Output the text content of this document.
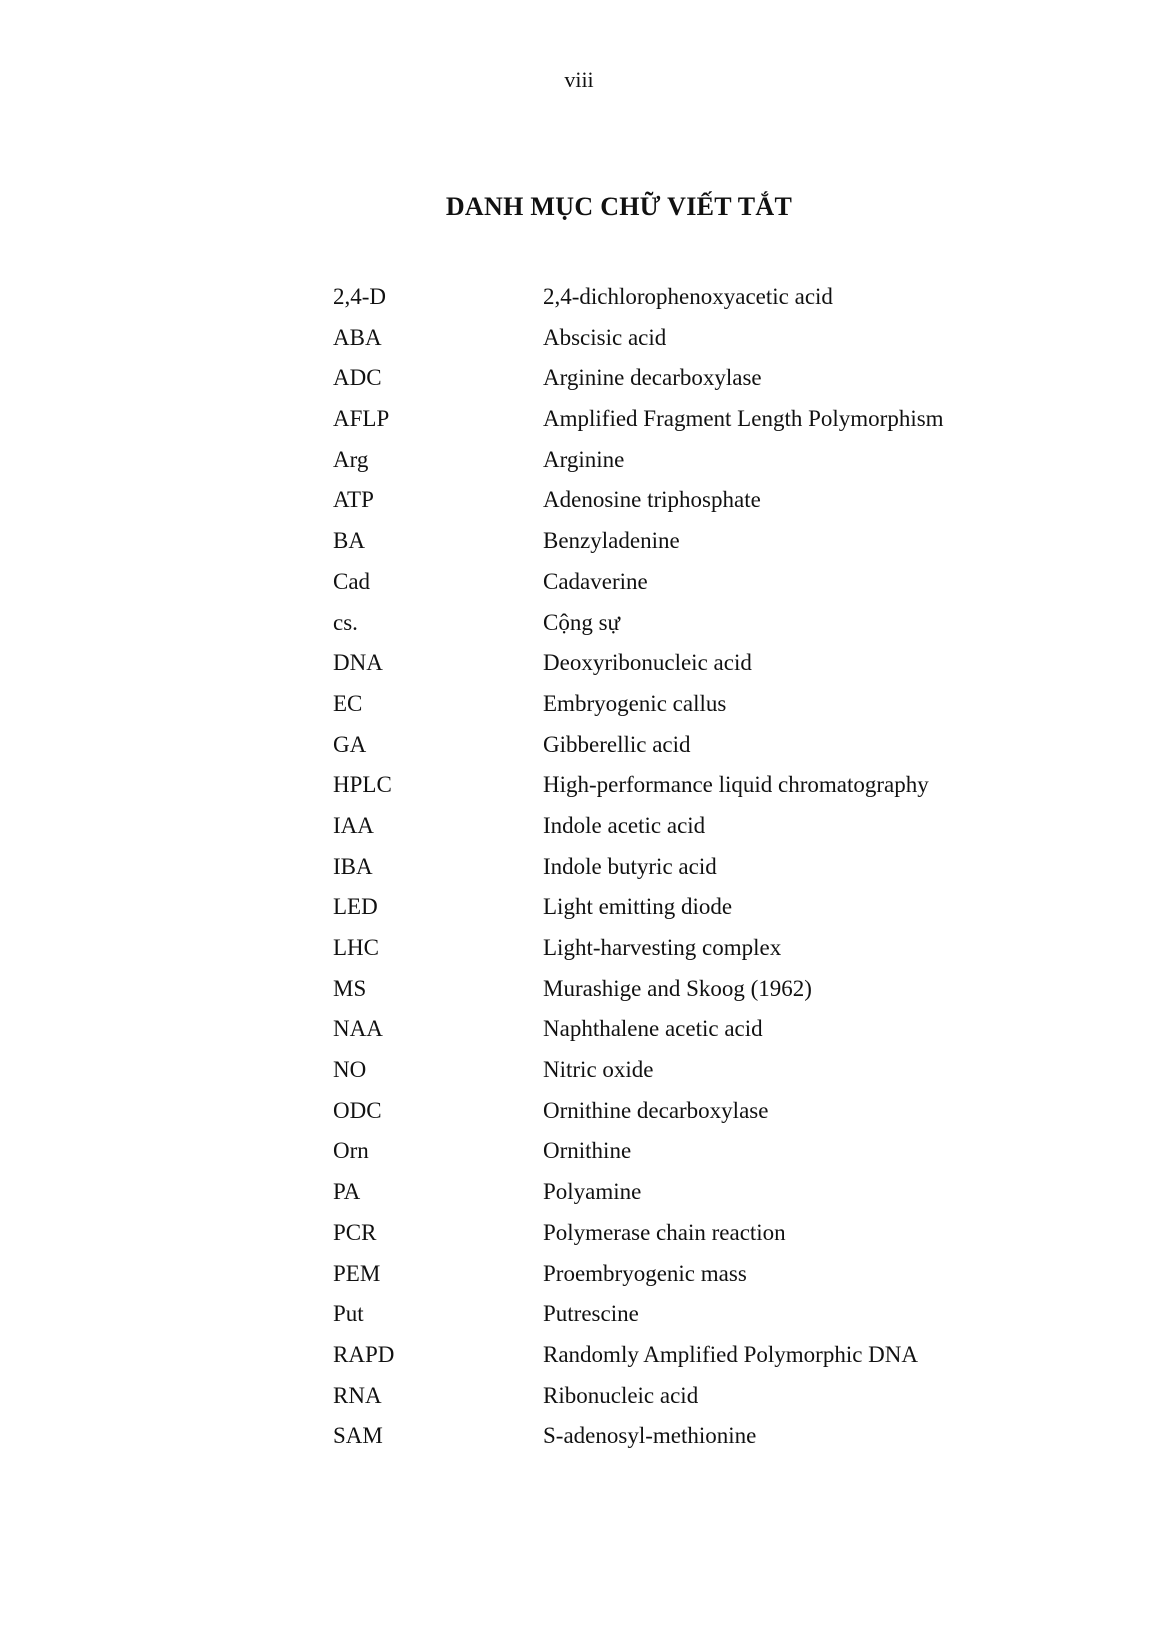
viii
DANH MỤC CHỮ VIẾT TẮT
2,4-D	2,4-dichlorophenoxyacetic acid
ABA	Abscisic acid
ADC	Arginine decarboxylase
AFLP	Amplified Fragment Length Polymorphism
Arg	Arginine
ATP	Adenosine triphosphate
BA	Benzyladenine
Cad	Cadaverine
cs.	Cộng sự
DNA	Deoxyribonucleic acid
EC	Embryogenic callus
GA	Gibberellic acid
HPLC	High-performance liquid chromatography
IAA	Indole acetic acid
IBA	Indole butyric acid
LED	Light emitting diode
LHC	Light-harvesting complex
MS	Murashige and Skoog (1962)
NAA	Naphthalene acetic acid
NO	Nitric oxide
ODC	Ornithine decarboxylase
Orn	Ornithine
PA	Polyamine
PCR	Polymerase chain reaction
PEM	Proembryogenic mass
Put	Putrescine
RAPD	Randomly Amplified Polymorphic DNA
RNA	Ribonucleic acid
SAM	S-adenosyl-methionine
